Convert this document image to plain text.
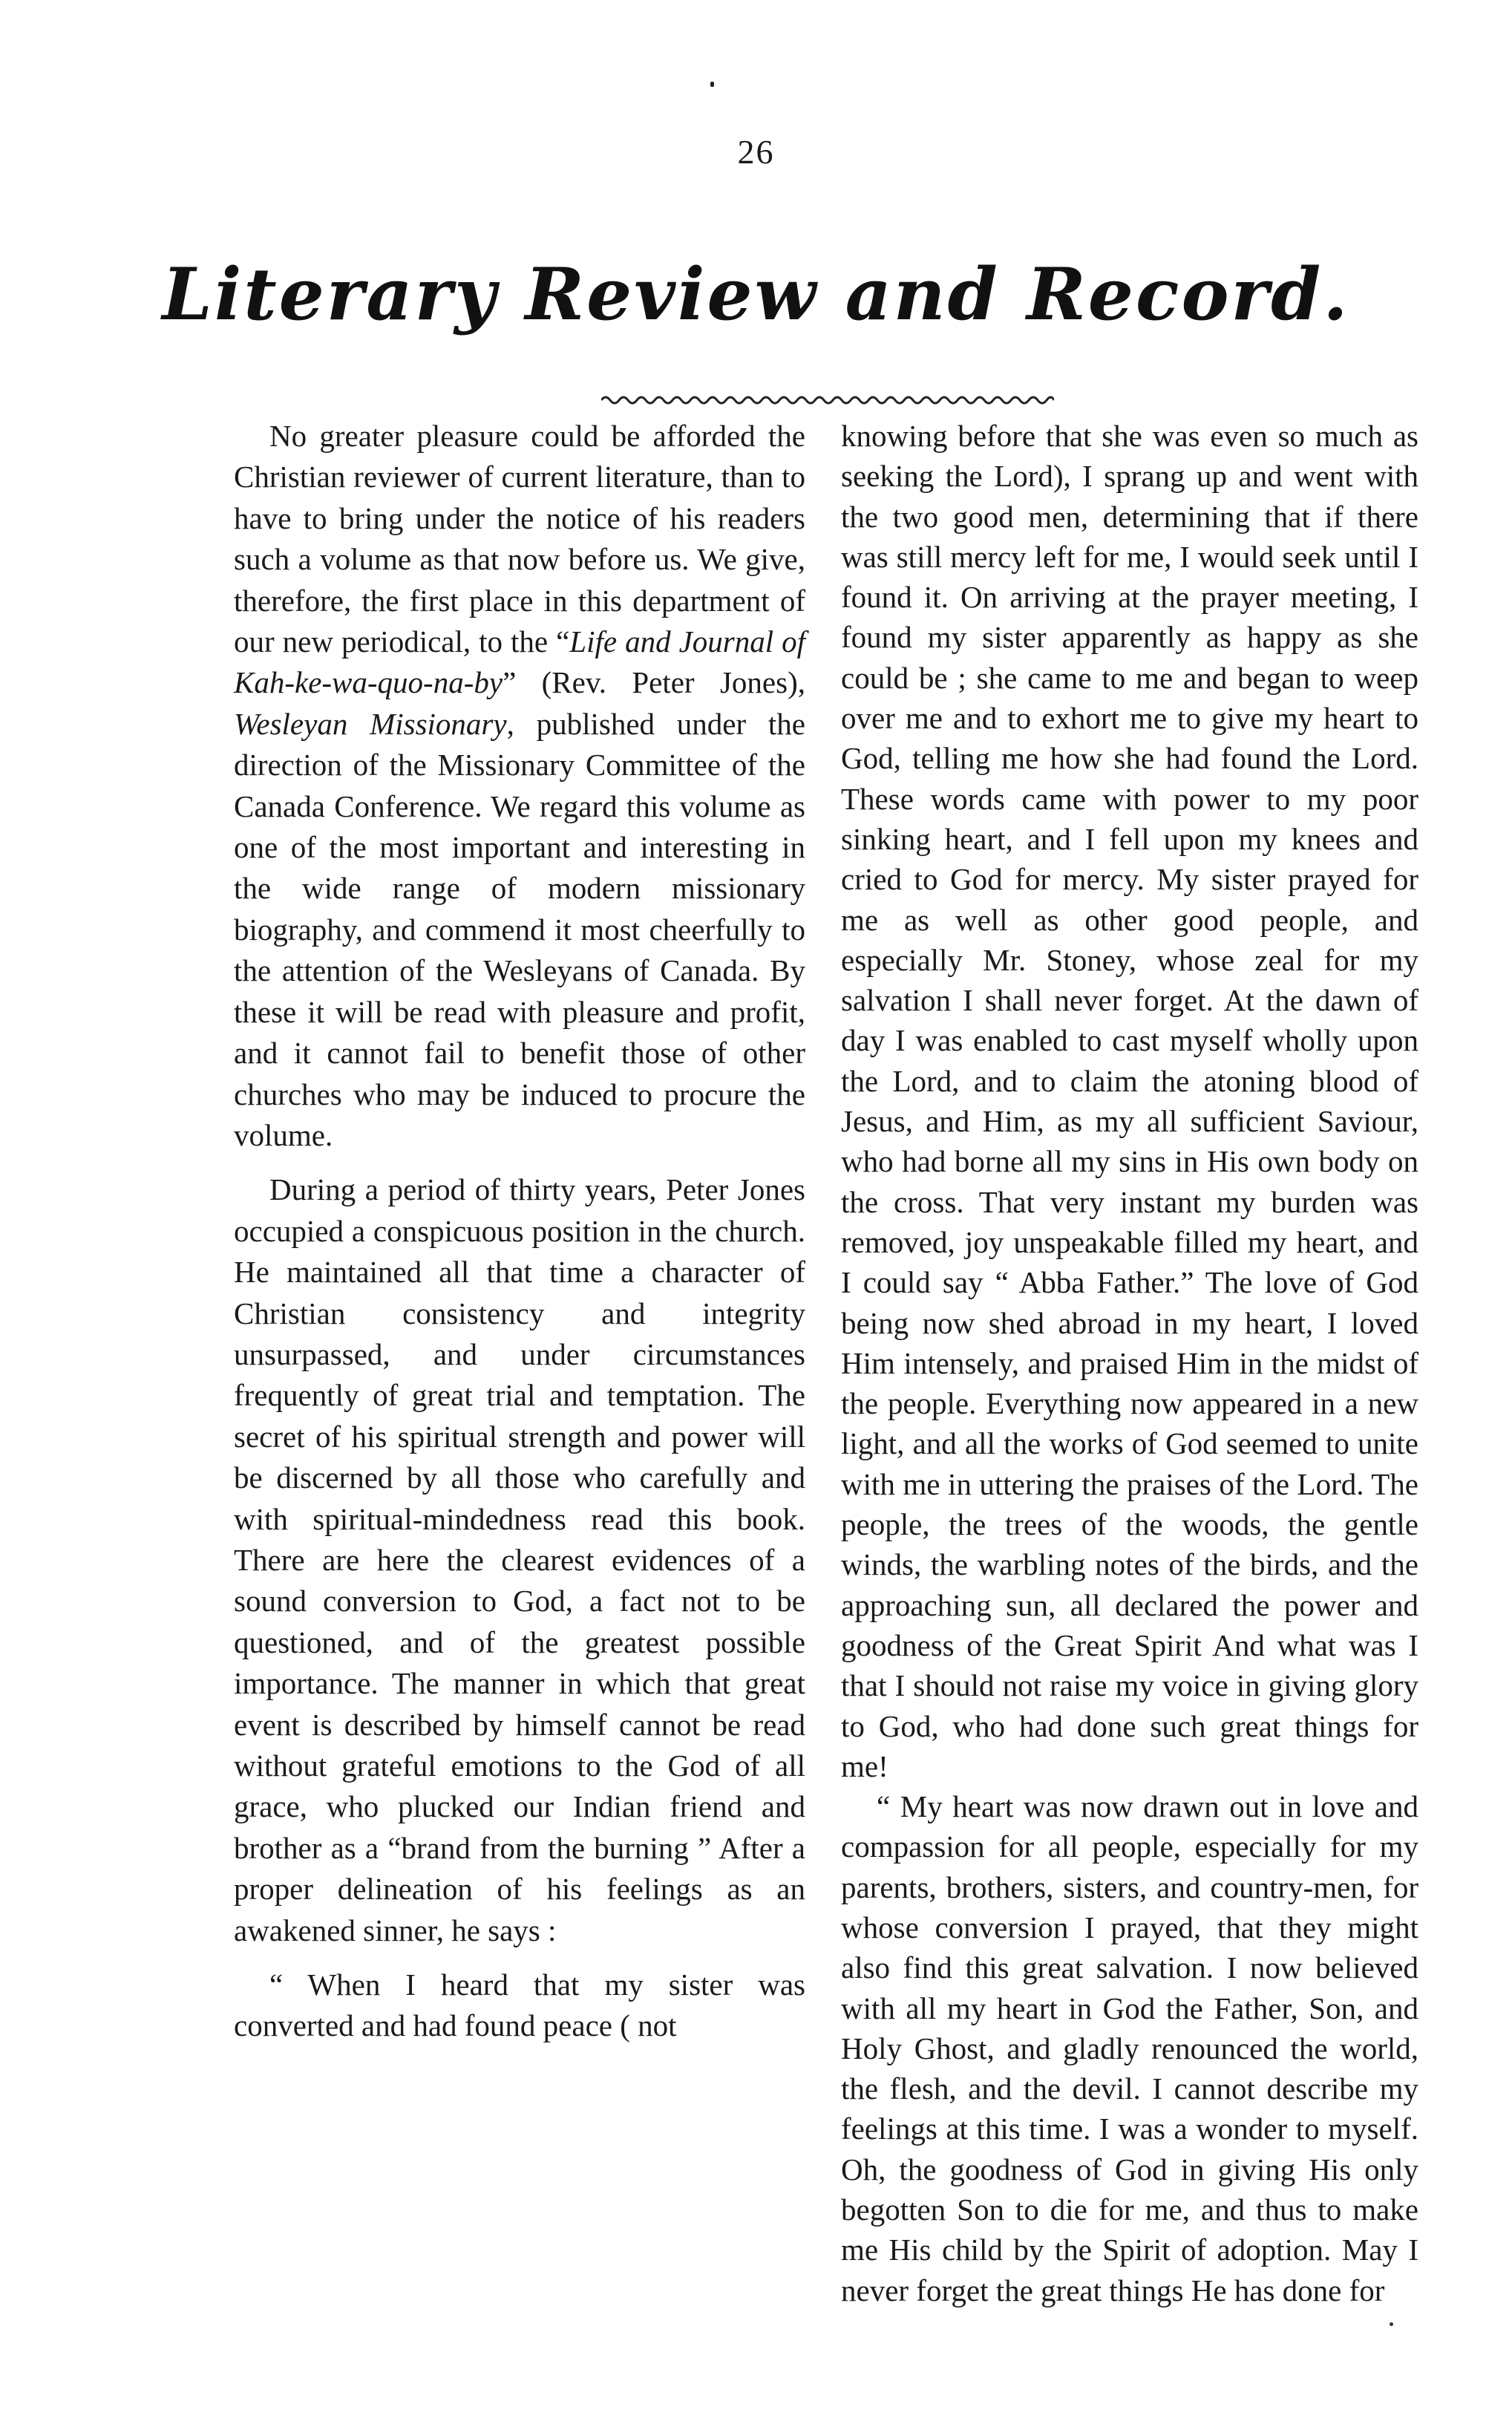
26
Literary Review and Record.

No greater pleasure could be afforded the Christian reviewer of current literature, than to have to bring under the notice of his readers such a volume as that now before us. We give, therefore, the first place in this department of our new periodical, to the “Life and Journal of Kah-ke-wa-quo-na-by” (Rev. Peter Jones), Wesleyan Missionary, published under the direction of the Missionary Committee of the Canada Conference. We regard this volume as one of the most important and interesting in the wide range of modern missionary biography, and commend it most cheerfully to the attention of the Wesleyans of Canada. By these it will be read with pleasure and profit, and it cannot fail to benefit those of other churches who may be induced to procure the volume.

During a period of thirty years, Peter Jones occupied a conspicuous position in the church. He maintained all that time a character of Christian consistency and integrity unsurpassed, and under circumstances frequently of great trial and temptation. The secret of his spiritual strength and power will be discerned by all those who carefully and with spiritual-mindedness read this book. There are here the clearest evidences of a sound conversion to God, a fact not to be questioned, and of the greatest possible importance. The manner in which that great event is described by himself cannot be read without grateful emotions to the God of all grace, who plucked our Indian friend and brother as a “brand from the burning ” After a proper delineation of his feelings as an awakened sinner, he says :

“ When I heard that my sister was converted and had found peace ( not

knowing before that she was even so much as seeking the Lord), I sprang up and went with the two good men, determining that if there was still mercy left for me, I would seek until I found it. On arriving at the prayer meeting, I found my sister apparently as happy as she could be ; she came to me and began to weep over me and to exhort me to give my heart to God, telling me how she had found the Lord. These words came with power to my poor sinking heart, and I fell upon my knees and cried to God for mercy. My sister prayed for me as well as other good people, and especially Mr. Stoney, whose zeal for my salvation I shall never forget. At the dawn of day I was enabled to cast myself wholly upon the Lord, and to claim the atoning blood of Jesus, and Him, as my all sufficient Saviour, who had borne all my sins in His own body on the cross. That very instant my burden was removed, joy unspeakable filled my heart, and I could say “ Abba Father.” The love of God being now shed abroad in my heart, I loved Him intensely, and praised Him in the midst of the people. Everything now appeared in a new light, and all the works of God seemed to unite with me in uttering the praises of the Lord. The people, the trees of the woods, the gentle winds, the warbling notes of the birds, and the approaching sun, all declared the power and goodness of the Great Spirit And what was I that I should not raise my voice in giving glory to God, who had done such great things for me!

“ My heart was now drawn out in love and compassion for all people, especially for my parents, brothers, sisters, and country-men, for whose conversion I prayed, that they might also find this great salvation. I now believed with all my heart in God the Father, Son, and Holy Ghost, and gladly renounced the world, the flesh, and the devil. I cannot describe my feelings at this time. I was a wonder to myself. Oh, the goodness of God in giving His only begotten Son to die for me, and thus to make me His child by the Spirit of adoption. May I never forget the great things He has done for
